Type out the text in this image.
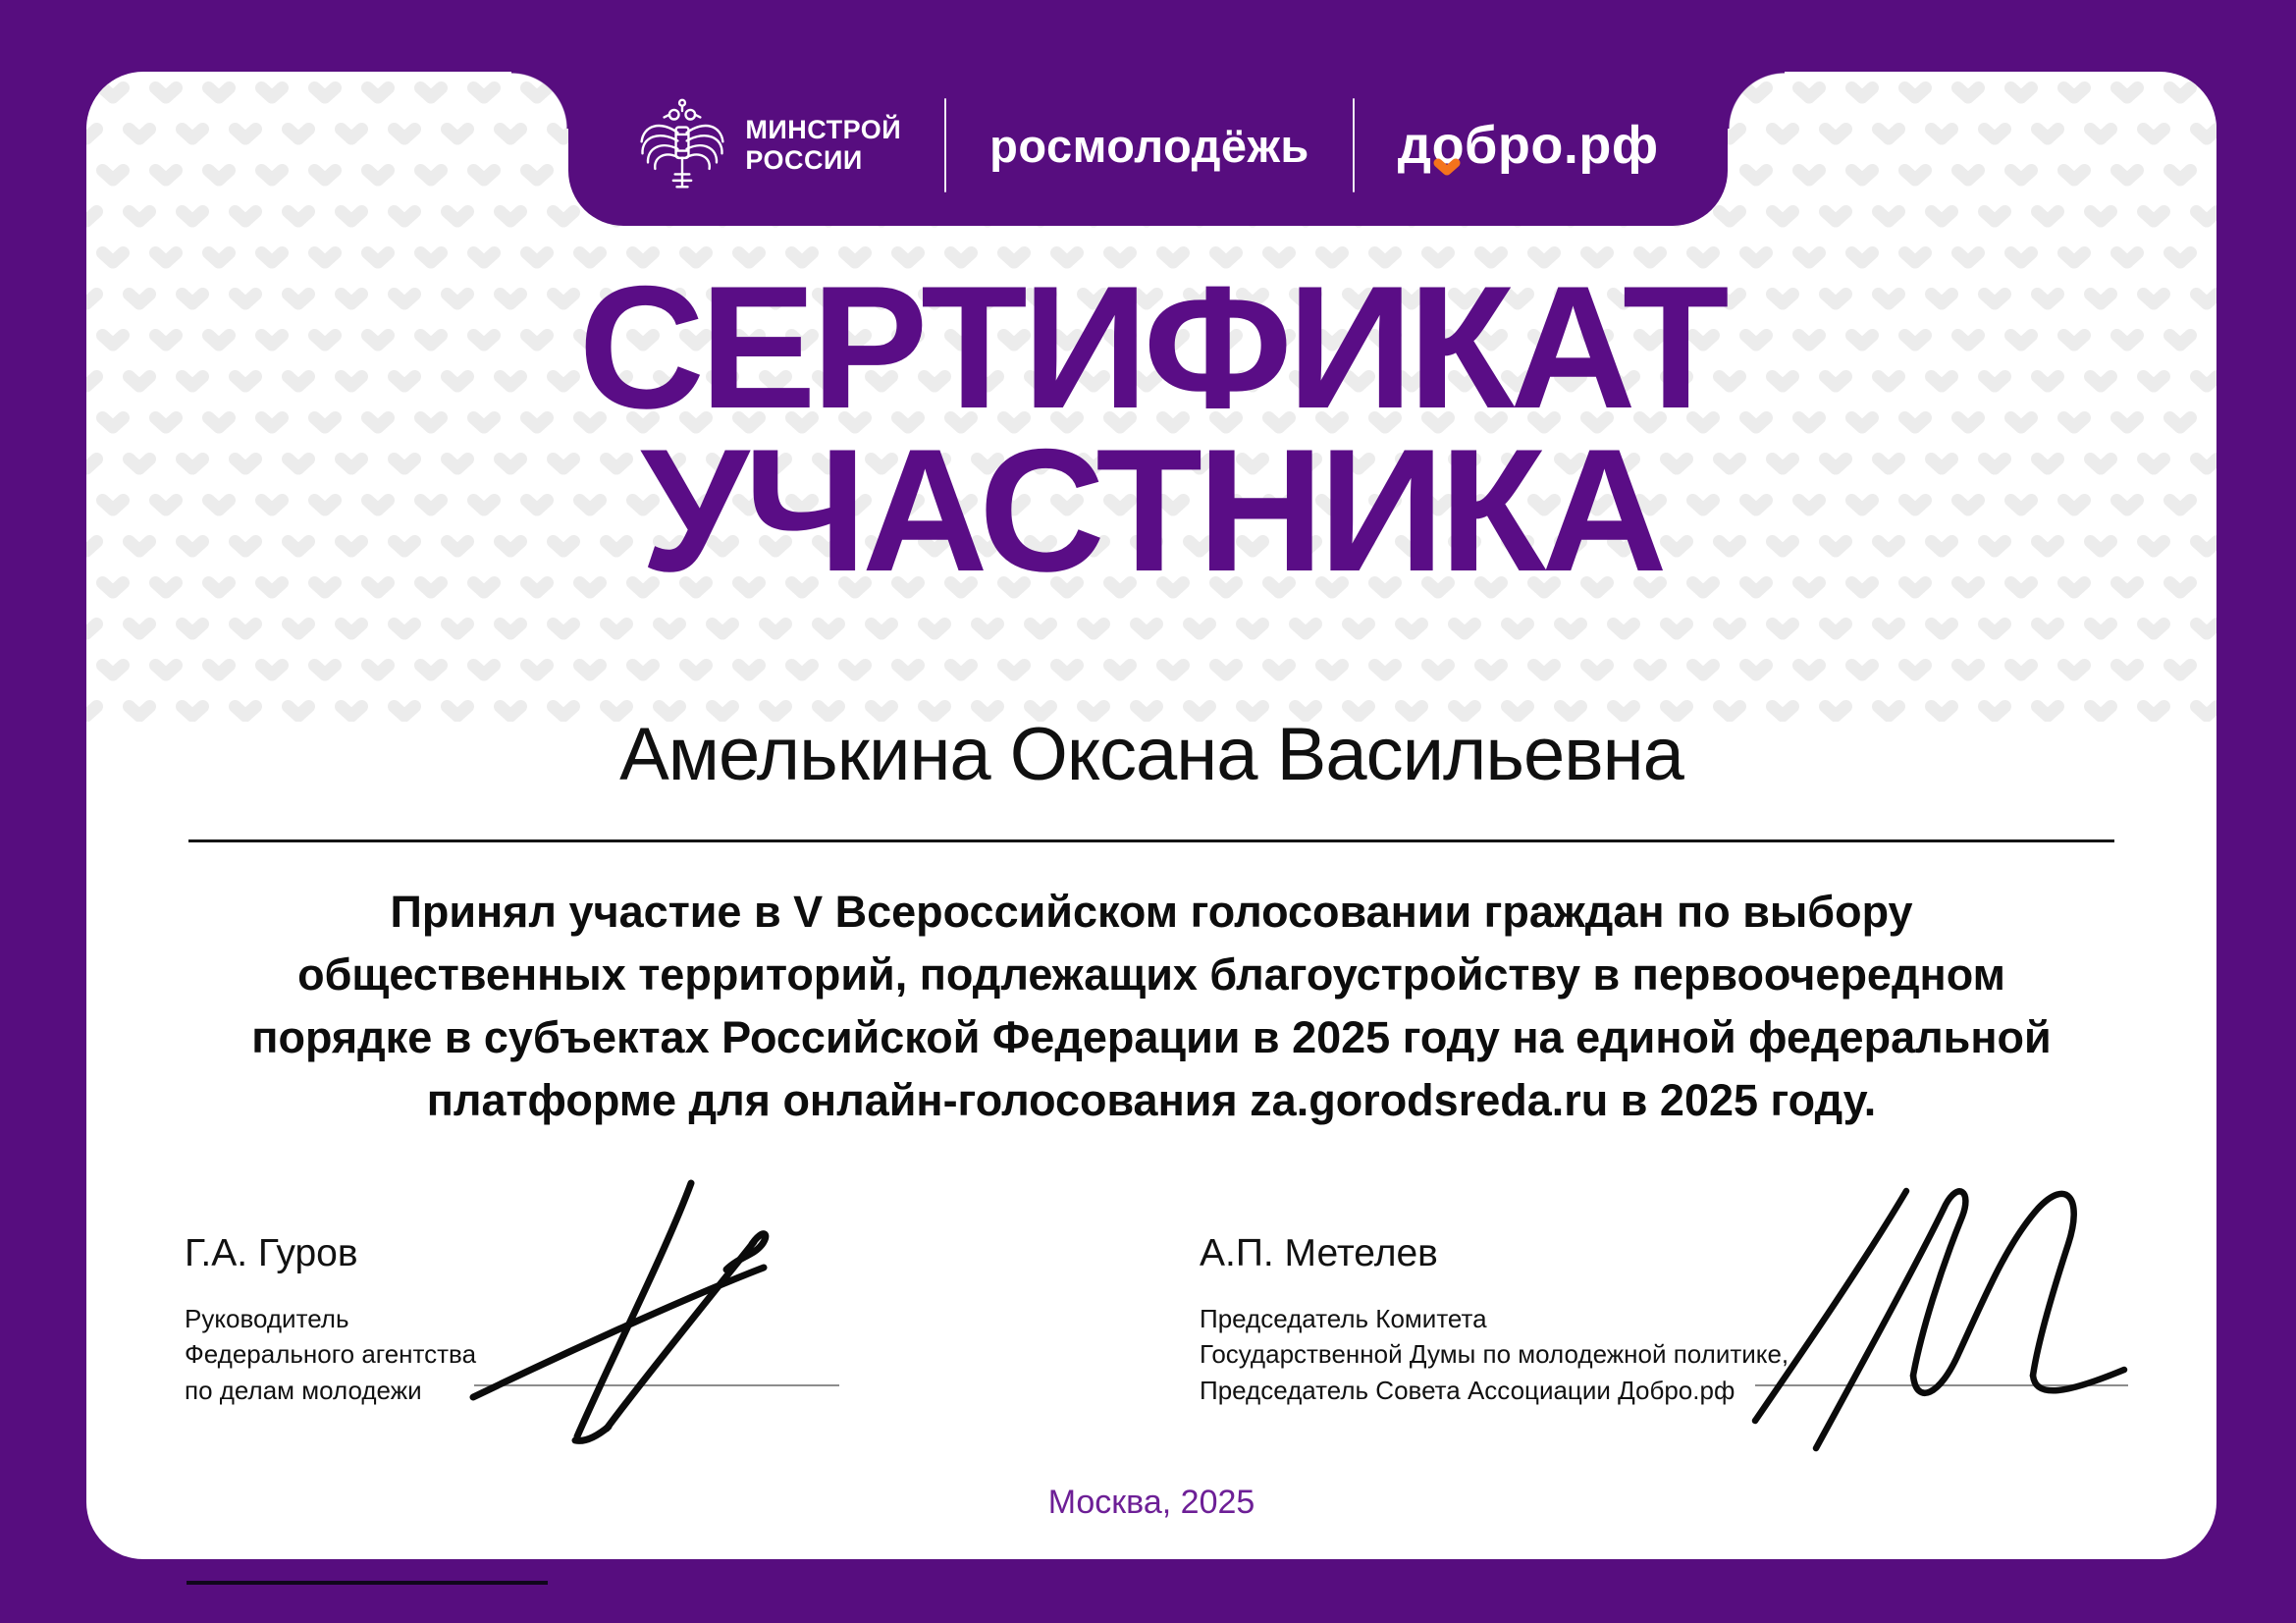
СЕРТИФИКАТ
УЧАСТНИКА
Амелькина Оксана Васильевна
Принял участие в V Всероссийском голосовании граждан по выбору
общественных территорий, подлежащих благоустройству в первоочередном
порядке в субъектах Российской Федерации в 2025 году на единой федеральной
платформе для онлайн-голосования za.gorodsreda.ru в 2025 году.
Г.А. Гуров
Руководитель
Федерального агентства
по делам молодежи
А.П. Метелев
Председатель Комитета
Государственной Думы по молодежной политике,
Председатель Совета Ассоциации Добро.рф
Москва, 2025
МИНСТРОЙ
РОССИИ	росмолодёжь добро.рф
